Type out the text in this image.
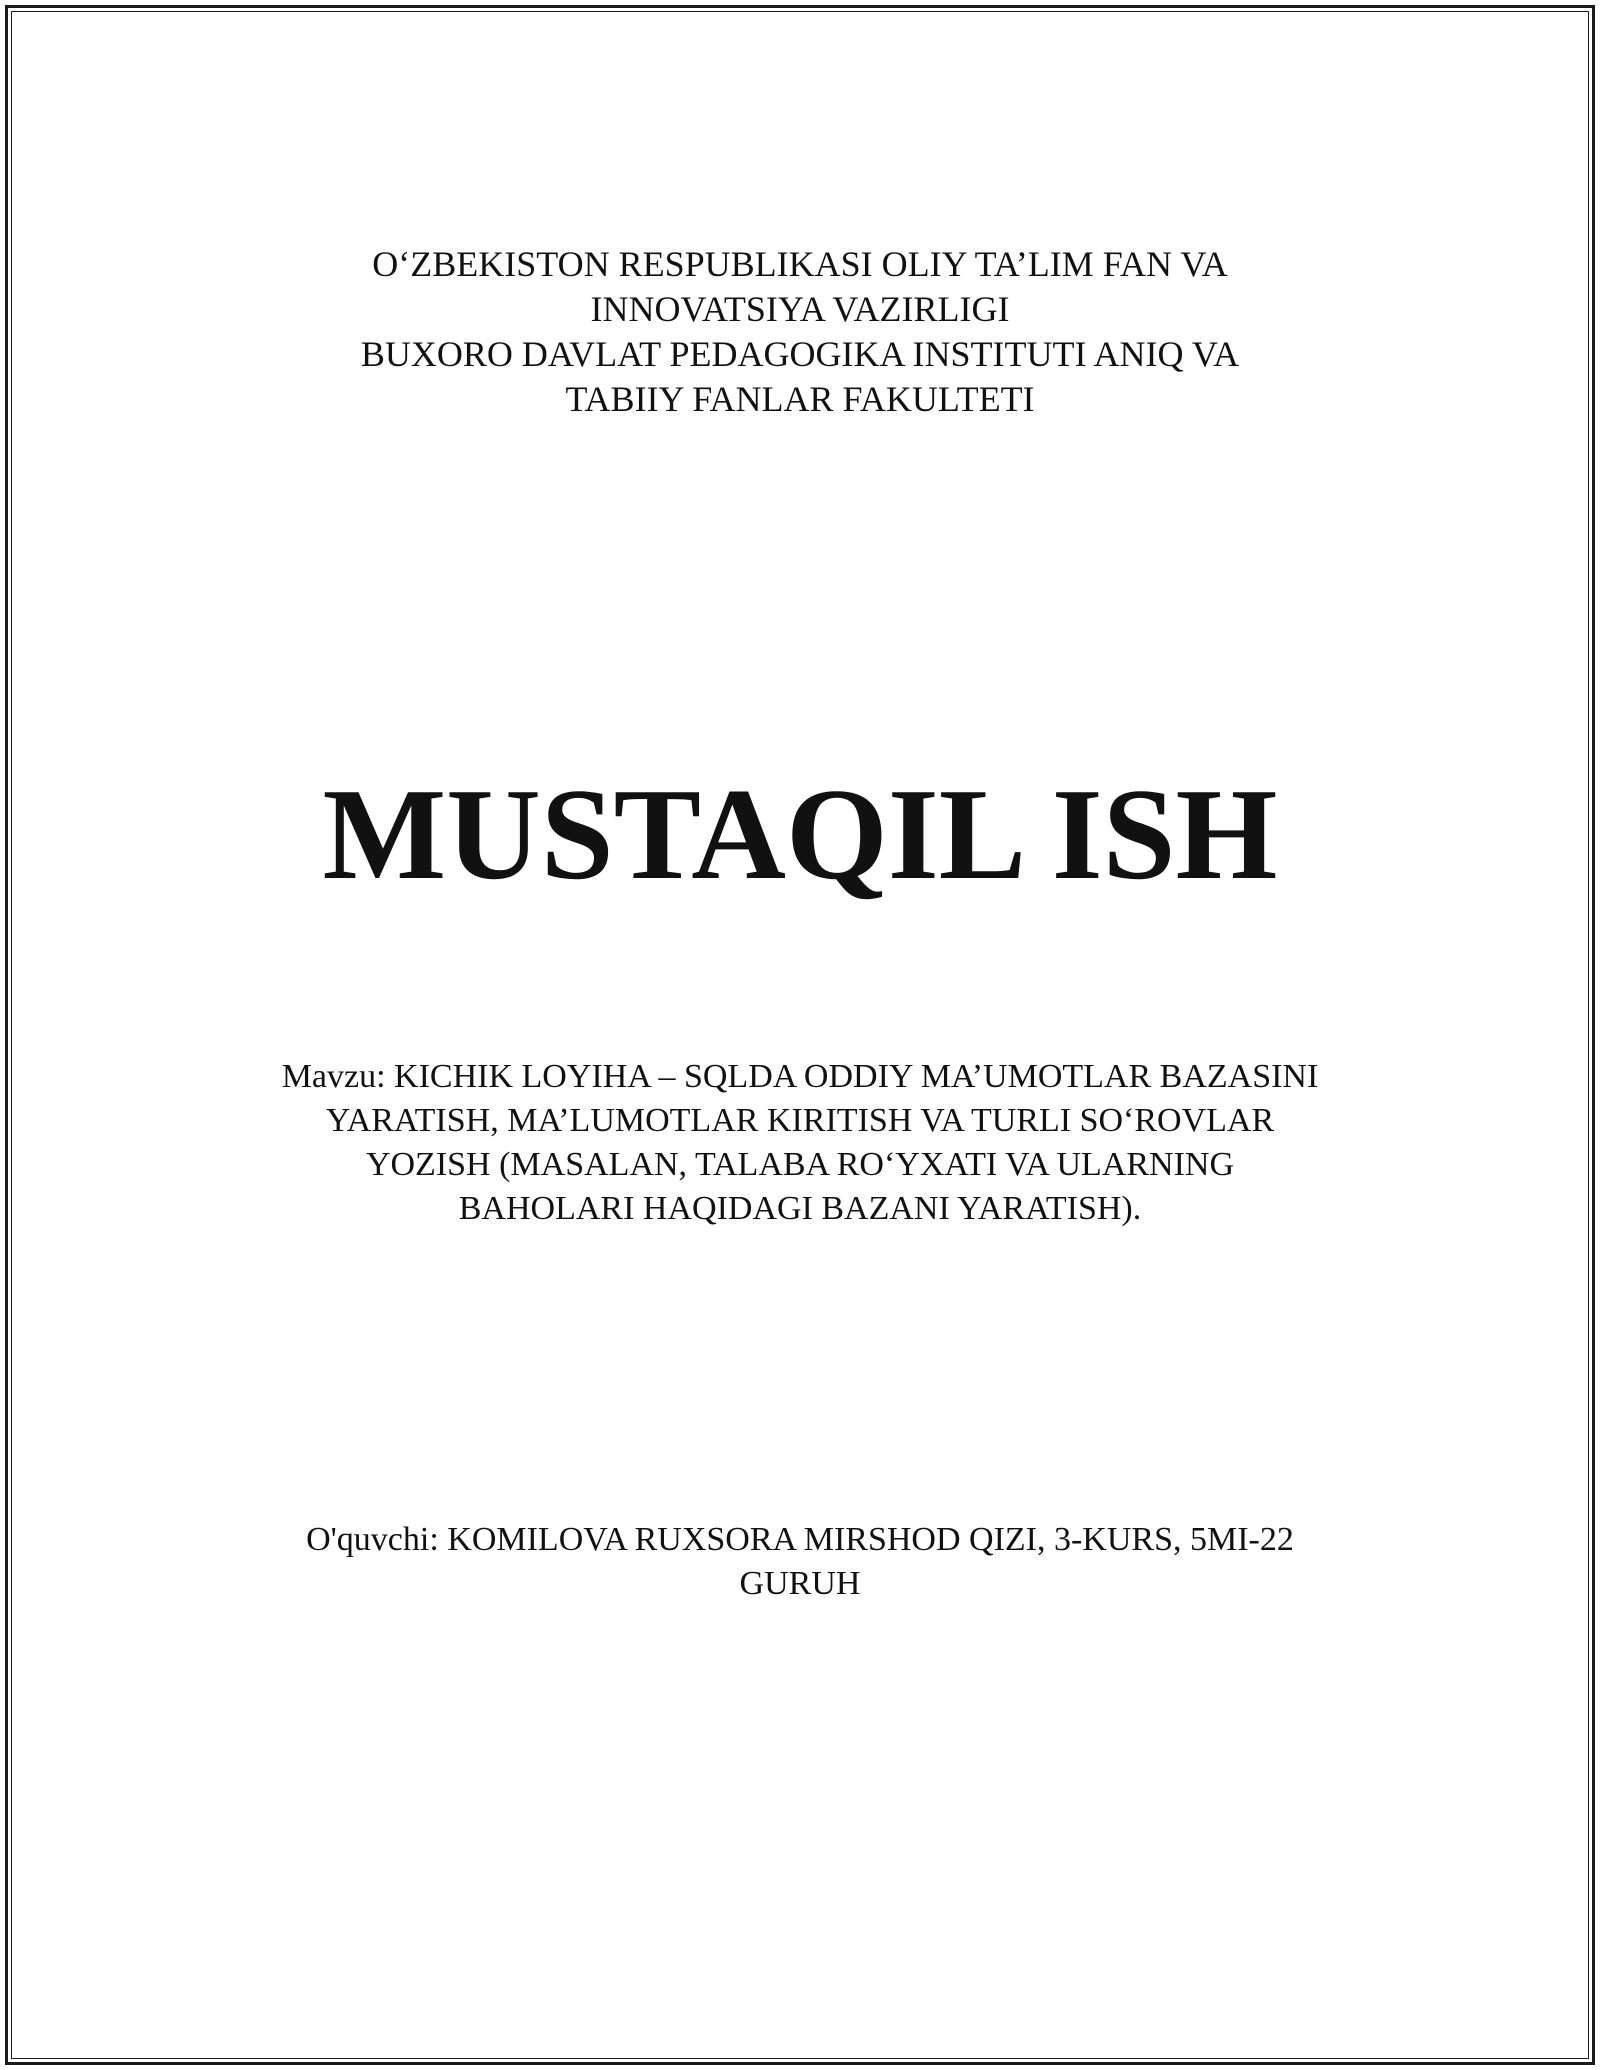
O‘ZBEKISTON RESPUBLIKASI OLIY TA’LIM FAN VA
INNOVATSIYA VAZIRLIGI
BUXORO DAVLAT PEDAGOGIKA INSTITUTI ANIQ VA
TABIIY FANLAR FAKULTETI
MUSTAQIL ISH
Mavzu: KICHIK LOYIHA – SQLDA ODDIY MA’UMOTLAR BAZASINI
YARATISH, MA’LUMOTLAR KIRITISH VA TURLI SO‘ROVLAR
YOZISH (MASALAN, TALABA RO‘YXATI VA ULARNING
BAHOLARI HAQIDAGI BAZANI YARATISH).
O'quvchi: KOMILOVA RUXSORA MIRSHOD QIZI, 3-KURS, 5MI-22
GURUH
